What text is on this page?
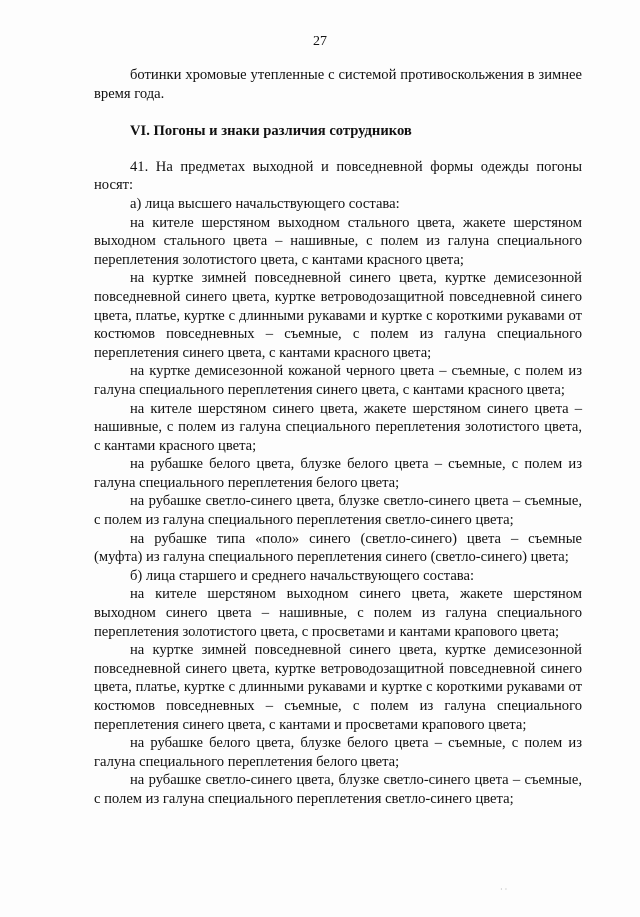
27

ботинки хромовые утепленные с системой противоскольжения в зимнее время года.

VI. Погоны и знаки различия сотрудников

41. На предметах выходной и повседневной формы одежды погоны носят:

а) лица высшего начальствующего состава:

на кителе шерстяном выходном стального цвета, жакете шерстяном выходном стального цвета – нашивные, с полем из галуна специального переплетения золотистого цвета, с кантами красного цвета;

на куртке зимней повседневной синего цвета, куртке демисезонной повседневной синего цвета, куртке ветроводозащитной повседневной синего цвета, платье, куртке с длинными рукавами и куртке с короткими рукавами от костюмов повседневных – съемные, с полем из галуна специального переплетения синего цвета, с кантами красного цвета;

на куртке демисезонной кожаной черного цвета – съемные, с полем из галуна специального переплетения синего цвета, с кантами красного цвета;

на кителе шерстяном синего цвета, жакете шерстяном синего цвета – нашивные, с полем из галуна специального переплетения золотистого цвета, с кантами красного цвета;

на рубашке белого цвета, блузке белого цвета – съемные, с полем из галуна специального переплетения белого цвета;

на рубашке светло-синего цвета, блузке светло-синего цвета – съемные, с полем из галуна специального переплетения светло-синего цвета;

на рубашке типа «поло» синего (светло-синего) цвета – съемные (муфта) из галуна специального переплетения синего (светло-синего) цвета;

б) лица старшего и среднего начальствующего состава:

на кителе шерстяном выходном синего цвета, жакете шерстяном выходном синего цвета – нашивные, с полем из галуна специального переплетения золотистого цвета, с просветами и кантами крапового цвета;

на куртке зимней повседневной синего цвета, куртке демисезонной повседневной синего цвета, куртке ветроводозащитной повседневной синего цвета, платье, куртке с длинными рукавами и куртке с короткими рукавами от костюмов повседневных – съемные, с полем из галуна специального переплетения синего цвета, с кантами и просветами крапового цвета;

на рубашке белого цвета, блузке белого цвета – съемные, с полем из галуна специального переплетения белого цвета;

на рубашке светло-синего цвета, блузке светло-синего цвета – съемные, с полем из галуна специального переплетения светло-синего цвета;

· ·
